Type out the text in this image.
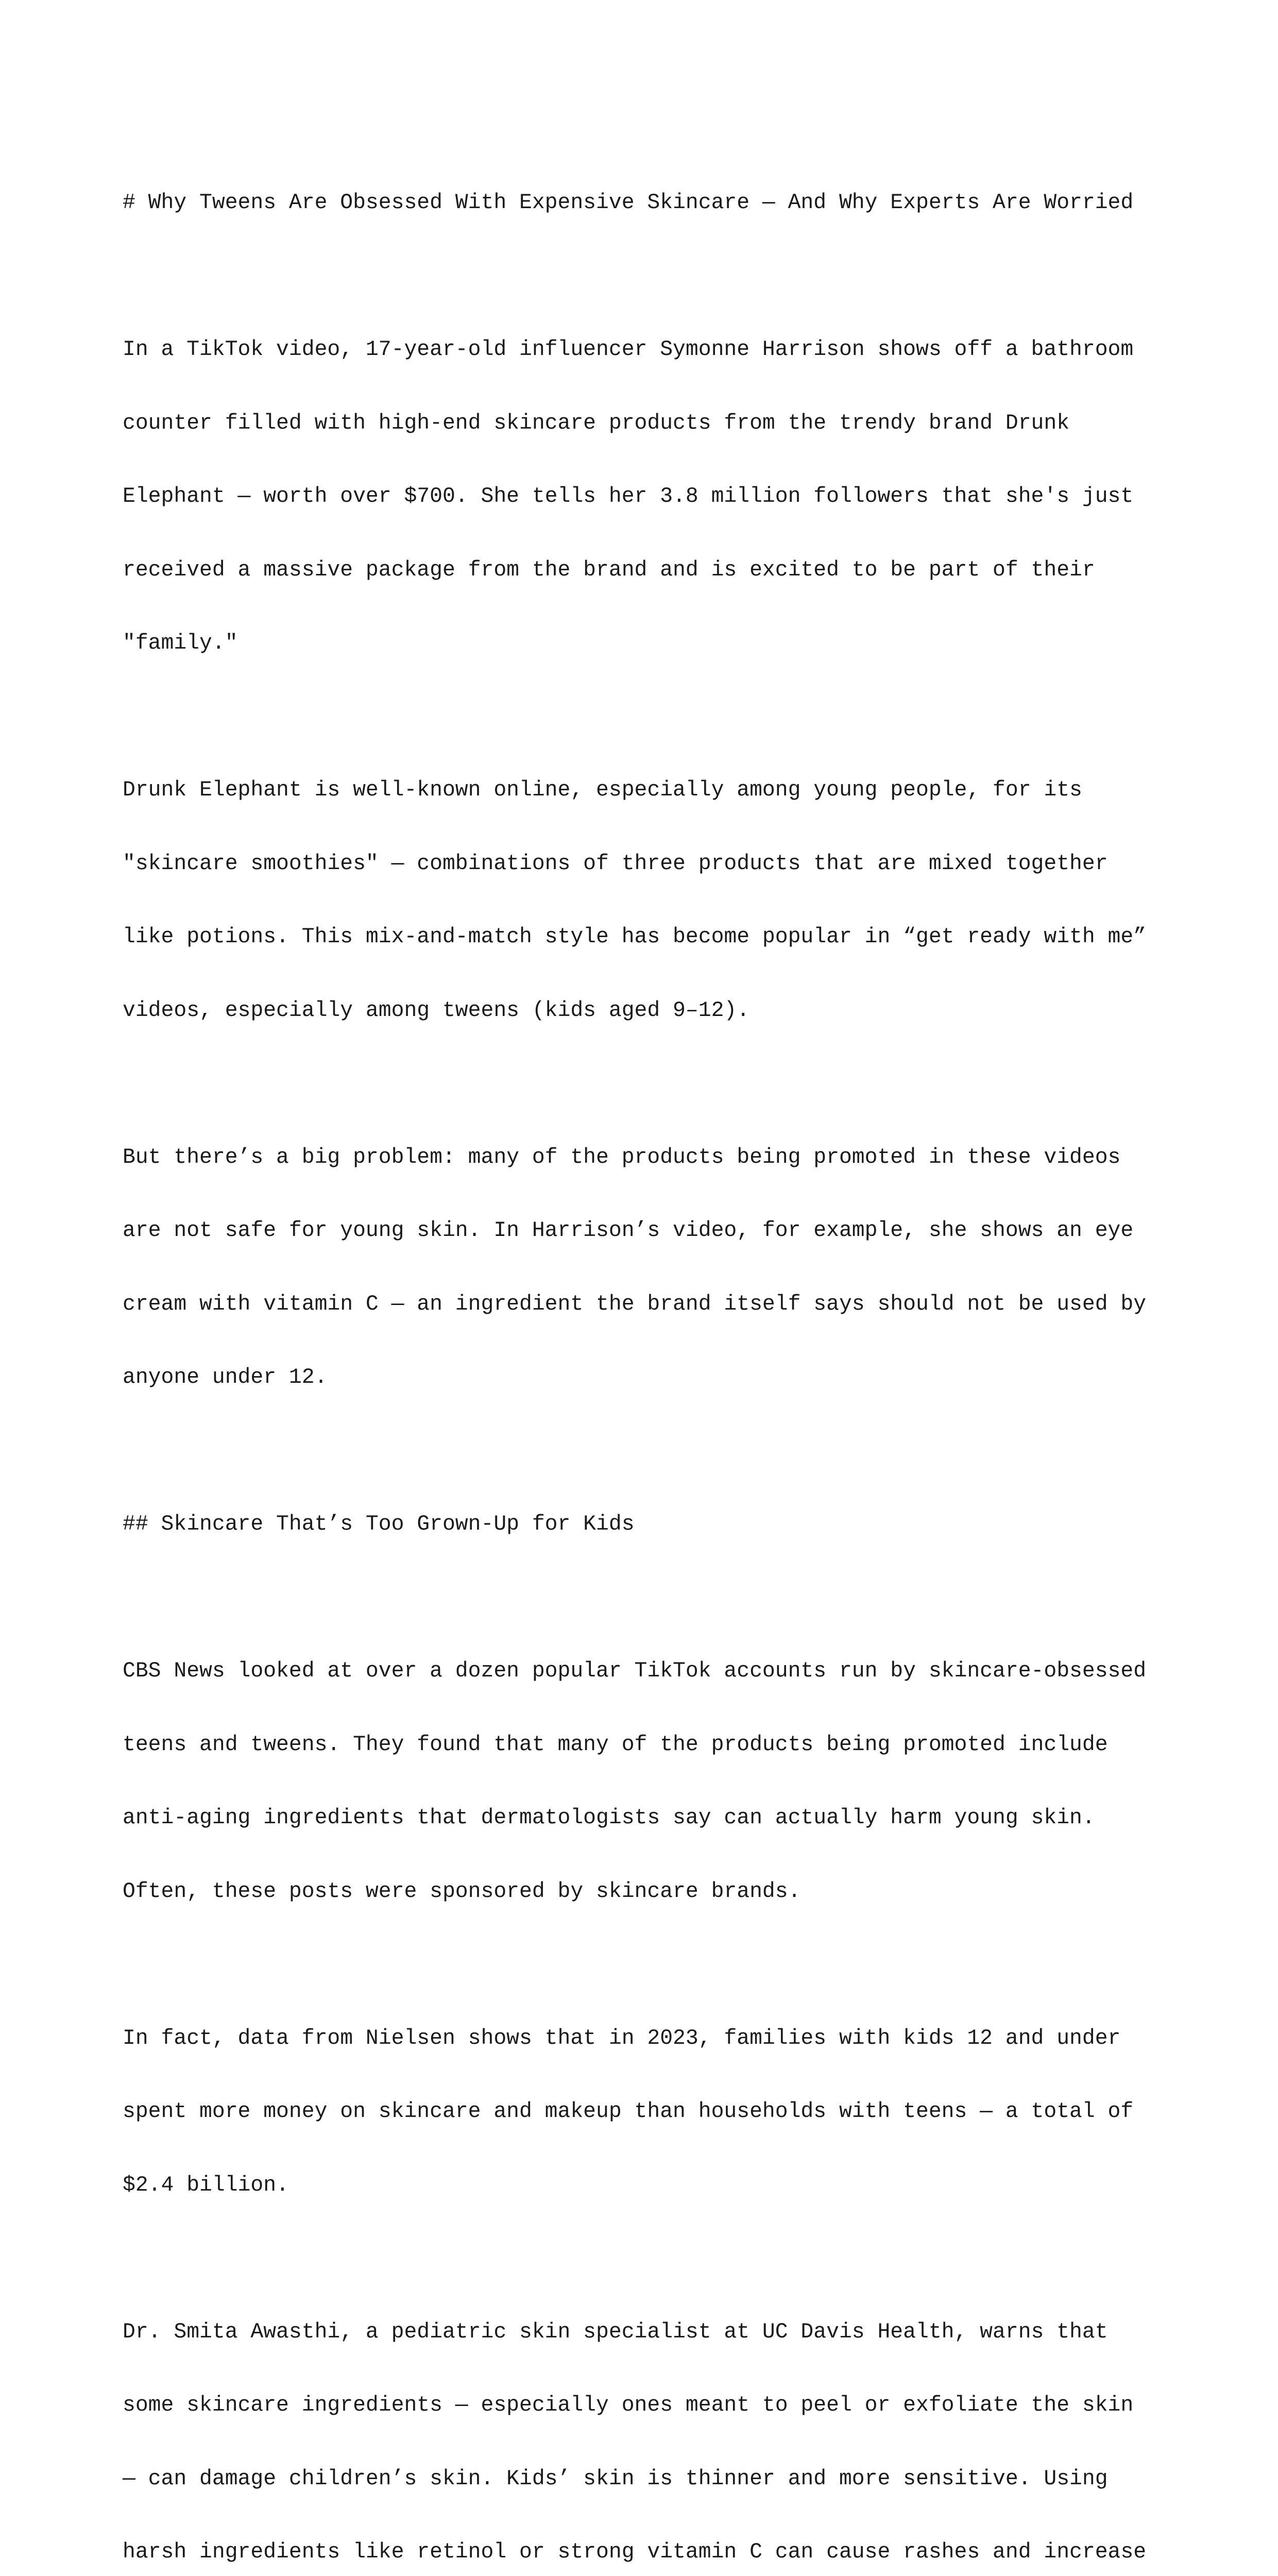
# Why Tweens Are Obsessed With Expensive Skincare — And Why Experts Are Worried

In a TikTok video, 17-year-old influencer Symonne Harrison shows off a bathroom

counter filled with high-end skincare products from the trendy brand Drunk

Elephant — worth over $700. She tells her 3.8 million followers that she's just

received a massive package from the brand and is excited to be part of their

"family."

Drunk Elephant is well-known online, especially among young people, for its

"skincare smoothies" — combinations of three products that are mixed together

like potions. This mix-and-match style has become popular in “get ready with me”

videos, especially among tweens (kids aged 9–12).

But there’s a big problem: many of the products being promoted in these videos

are not safe for young skin. In Harrison’s video, for example, she shows an eye

cream with vitamin C — an ingredient the brand itself says should not be used by

anyone under 12.

## Skincare That’s Too Grown-Up for Kids

CBS News looked at over a dozen popular TikTok accounts run by skincare-obsessed

teens and tweens. They found that many of the products being promoted include

anti-aging ingredients that dermatologists say can actually harm young skin.

Often, these posts were sponsored by skincare brands.

In fact, data from Nielsen shows that in 2023, families with kids 12 and under

spent more money on skincare and makeup than households with teens — a total of

$2.4 billion.

Dr. Smita Awasthi, a pediatric skin specialist at UC Davis Health, warns that

some skincare ingredients — especially ones meant to peel or exfoliate the skin

— can damage children’s skin. Kids’ skin is thinner and more sensitive. Using

harsh ingredients like retinol or strong vitamin C can cause rashes and increase
